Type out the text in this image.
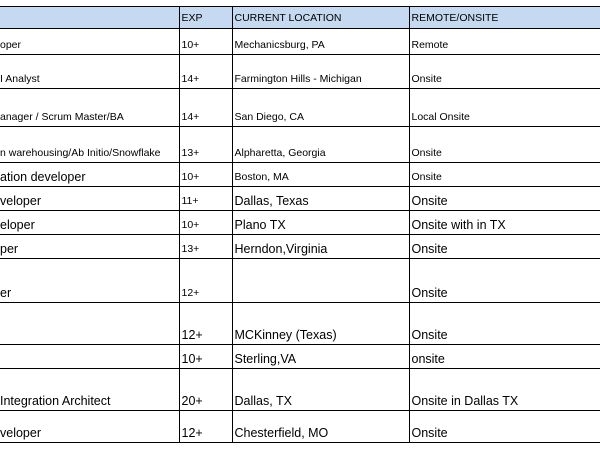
	EXP	CURRENT LOCATION	REMOTE/ONSITE
oper	10+	Mechanicsburg, PA	Remote
I Analyst	14+	Farmington Hills - Michigan	Onsite
anager / Scrum Master/BA	14+	San Diego, CA	Local Onsite
n warehousing/Ab Initio/Snowflake	13+	Alpharetta, Georgia	Onsite
ation developer	10+	Boston, MA	Onsite
veloper	11+	Dallas, Texas	Onsite
eloper	10+	Plano TX	Onsite with in TX
per	13+	Herndon,Virginia	Onsite
er	12+		Onsite
	12+	MCKinney (Texas)	Onsite
	10+	Sterling,VA	onsite
Integration Architect	20+	Dallas, TX	Onsite in Dallas TX
veloper	12+	Chesterfield, MO	Onsite
